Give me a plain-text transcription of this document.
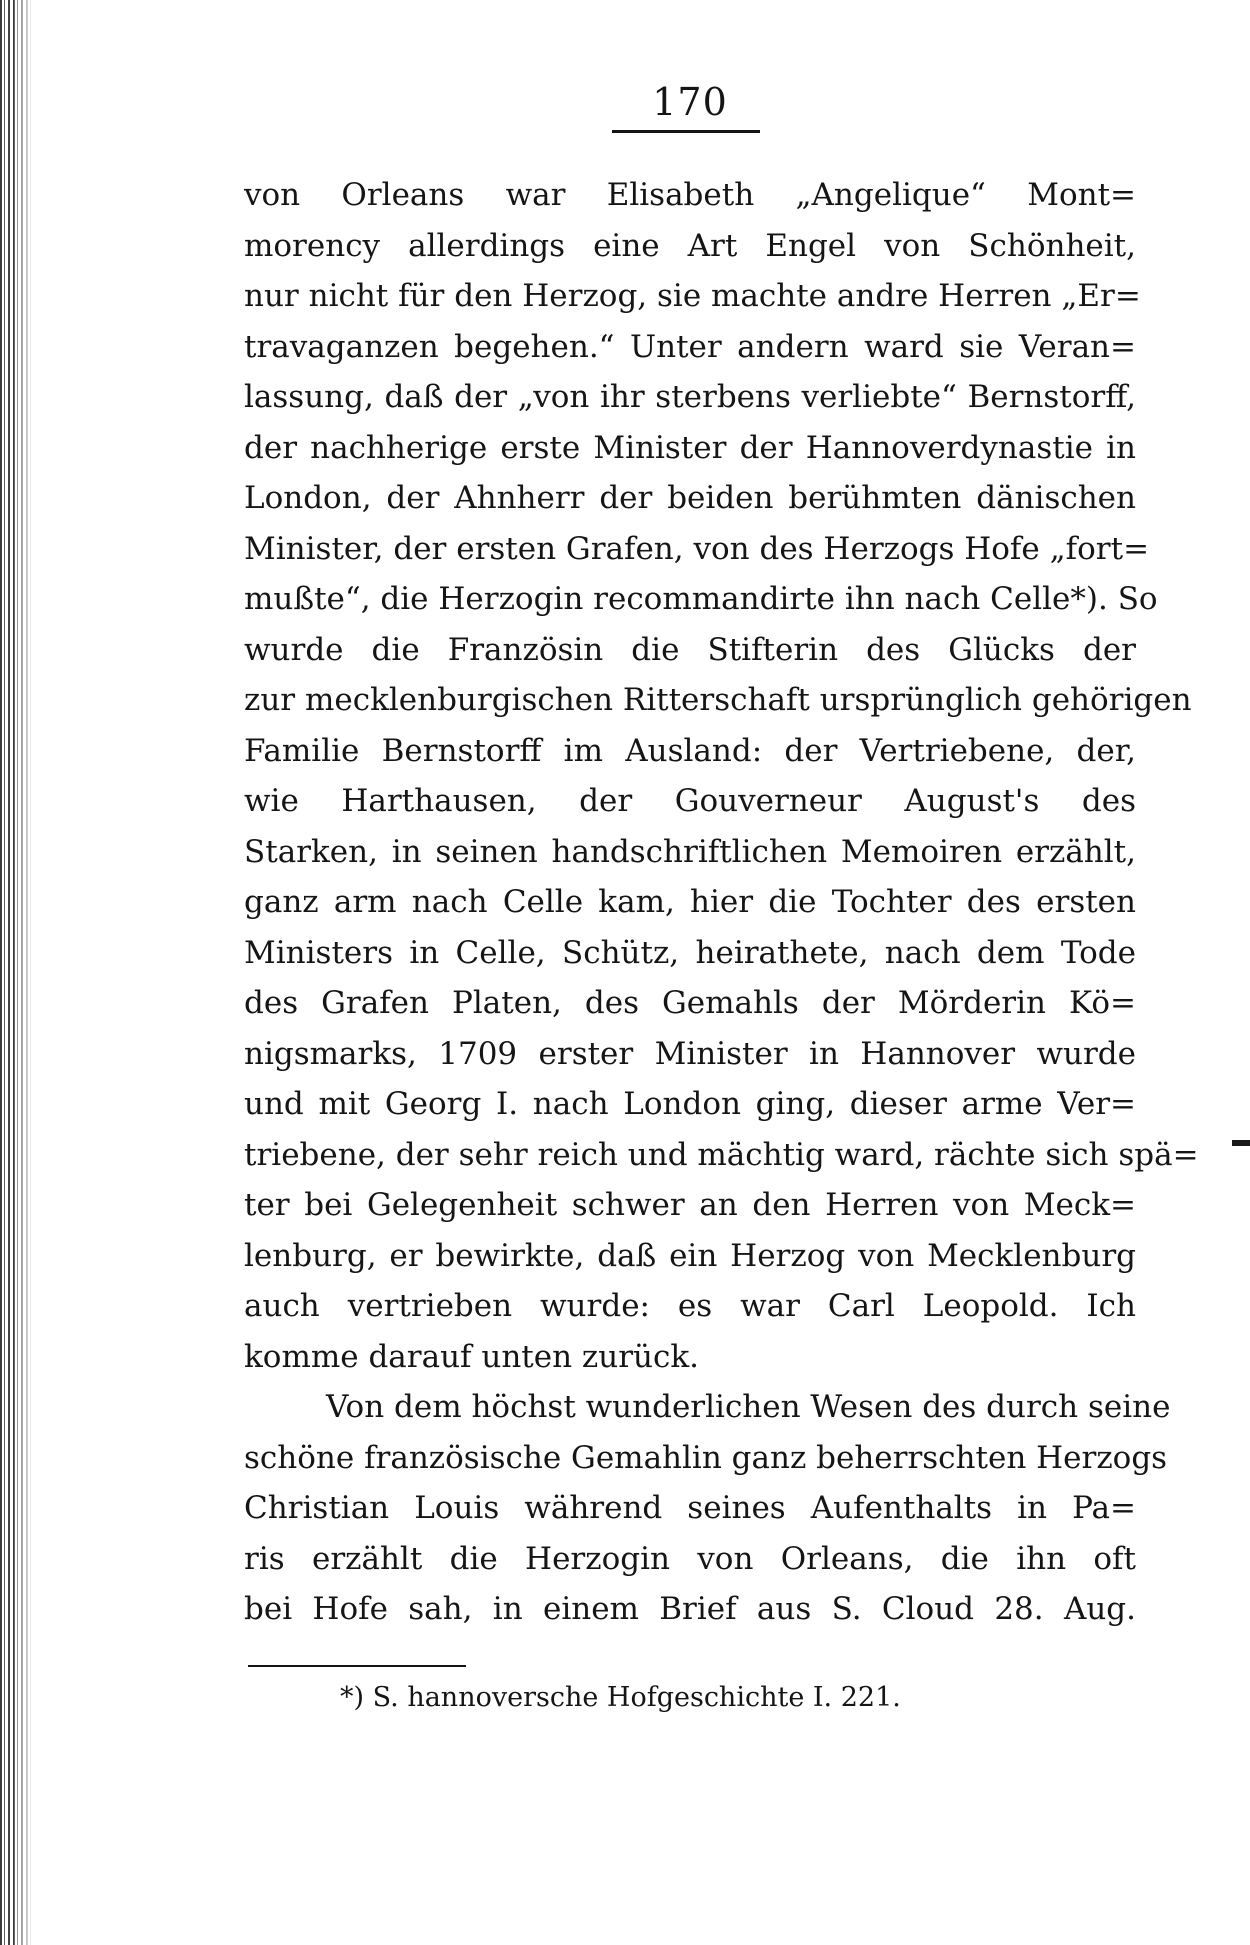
170
von Orleans war Elisabeth „Angelique“ Mont=
morency allerdings eine Art Engel von Schönheit,
nur nicht für den Herzog, sie machte andre Herren „Er=
travaganzen begehen.“ Unter andern ward sie Veran=
lassung, daß der „von ihr sterbens verliebte“ Bernstorff,
der nachherige erste Minister der Hannoverdynastie in
London, der Ahnherr der beiden berühmten dänischen
Minister, der ersten Grafen, von des Herzogs Hofe „fort=
mußte“, die Herzogin recommandirte ihn nach Celle*). So
wurde die Französin die Stifterin des Glücks der
zur mecklenburgischen Ritterschaft ursprünglich gehörigen
Familie Bernstorff im Ausland: der Vertriebene, der,
wie Harthausen, der Gouverneur August's des
Starken, in seinen handschriftlichen Memoiren erzählt,
ganz arm nach Celle kam, hier die Tochter des ersten
Ministers in Celle, Schütz, heirathete, nach dem Tode
des Grafen Platen, des Gemahls der Mörderin Kö=
nigsmarks, 1709 erster Minister in Hannover wurde
und mit Georg I. nach London ging, dieser arme Ver=
triebene, der sehr reich und mächtig ward, rächte sich spä=
ter bei Gelegenheit schwer an den Herren von Meck=
lenburg, er bewirkte, daß ein Herzog von Mecklenburg
auch vertrieben wurde: es war Carl Leopold. Ich
komme darauf unten zurück.
Von dem höchst wunderlichen Wesen des durch seine
schöne französische Gemahlin ganz beherrschten Herzogs
Christian Louis während seines Aufenthalts in Pa=
ris erzählt die Herzogin von Orleans, die ihn oft
bei Hofe sah, in einem Brief aus S. Cloud 28. Aug.
*) S. hannoversche Hofgeschichte I. 221.
